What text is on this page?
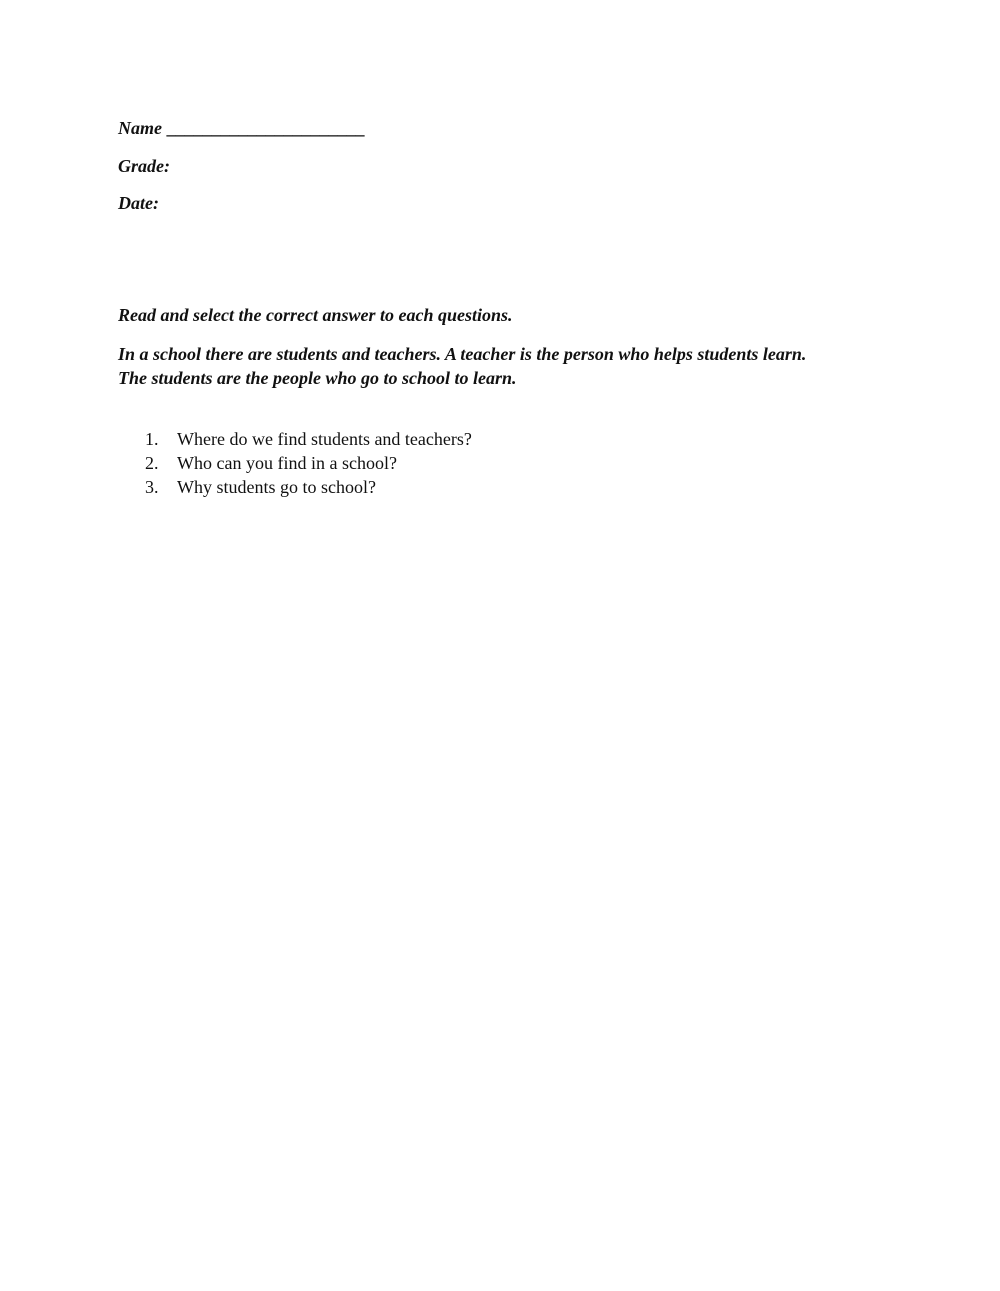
Name ______________________
Grade:
Date:
Read and select the correct answer to each questions.
In a school there are students and teachers. A teacher is the person who helps students learn.
The students are the people who go to school to learn.
1.	Where do we find students and teachers?
2.	Who can you find in a school?
3.	Why students go to school?
